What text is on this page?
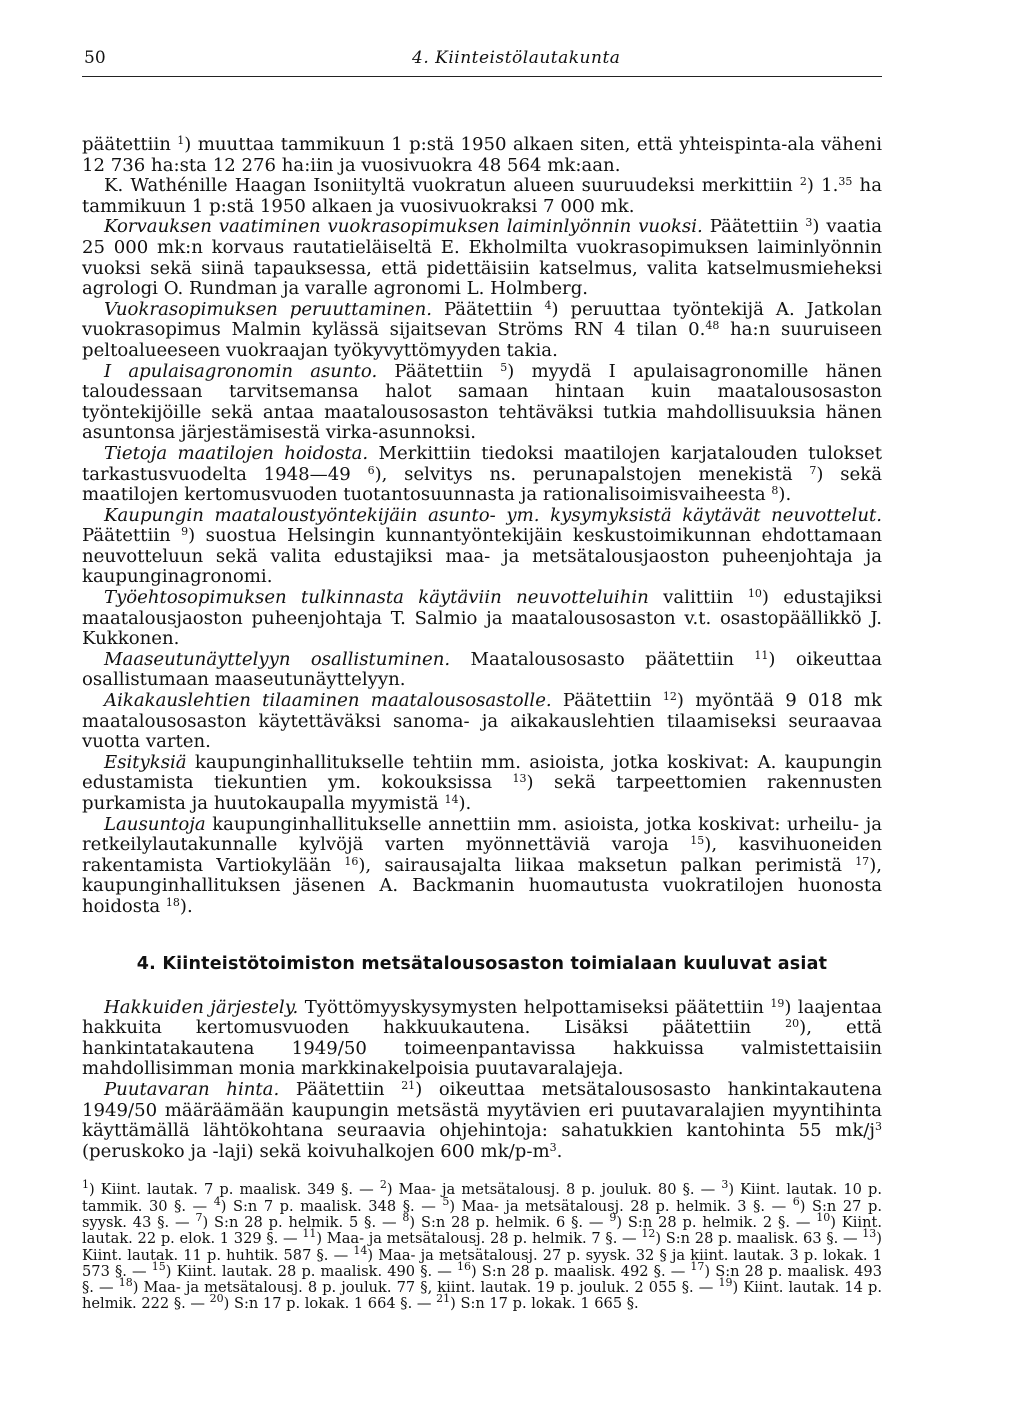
50	4. Kiinteistölautakunta

päätettiin $^1$) muuttaa tammikuun 1 p:stä 1950 alkaen siten, että yhteispinta-ala väheni 12 736 ha:sta 12 276 ha:iin ja vuosivuokra 48 564 mk:aan.

K. Wathénille Haagan Isoniityltä vuokratun alueen suuruudeksi merkittiin $^2$) 1.35 ha tammikuun 1 p:stä 1950 alkaen ja vuosivuokraksi 7 000 mk.

Korvauksen vaatiminen vuokrasopimuksen laiminlyönnin vuoksi. Päätettiin $^3$) vaatia 25 000 mk:n korvaus rautatieläiseltä E. Ekholmilta vuokrasopimuksen laiminlyönnin vuoksi sekä siinä tapauksessa, että pidettäisiin katselmus, valita katselmusmieheksi agrologi O. Rundman ja varalle agronomi L. Holmberg.

Vuokrasopimuksen peruuttaminen. Päätettiin $^4$) peruuttaa työntekijä A. Jatkolan vuokrasopimus Malmin kylässä sijaitsevan Ströms RN 4 tilan 0.48 ha:n suuruiseen peltoalueeseen vuokraajan työkyvyttömyyden takia.

I apulaisagronomin asunto. Päätettiin $^5$) myydä I apulaisagronomille hänen taloudessaan tarvitsemansa halot samaan hintaan kuin maatalousosaston työntekijöille sekä antaa maatalousosaston tehtäväksi tutkia mahdollisuuksia hänen asuntonsa järjestämisestä virka-asunnoksi.

Tietoja maatilojen hoidosta. Merkittiin tiedoksi maatilojen karjatalouden tulokset tarkastusvuodelta 1948—49 $^6$), selvitys ns. perunapalstojen menekistä $^7$) sekä maatilojen kertomusvuoden tuotantosuunnasta ja rationalisoimisvaiheesta $^8$).

Kaupungin maataloustyöntekijäin asunto- ym. kysymyksistä käytävät neuvottelut. Päätettiin $^9$) suostua Helsingin kunnantyöntekijäin keskustoimikunnan ehdottamaan neuvotteluun sekä valita edustajiksi maa- ja metsätalousjaoston puheenjohtaja ja kaupunginagronomi.

Työehtosopimuksen tulkinnasta käytäviin neuvotteluihin valittiin $^{10}$) edustajiksi maatalousjaoston puheenjohtaja T. Salmio ja maatalousosaston v.t. osastopäällikkö J. Kukkonen.

Maaseutunäyttelyyn osallistuminen. Maatalousosasto päätettiin $^{11}$) oikeuttaa osallistumaan maaseutunäyttelyyn.

Aikakauslehtien tilaaminen maatalousosastolle. Päätettiin $^{12}$) myöntää 9 018 mk maatalousosaston käytettäväksi sanoma- ja aikakauslehtien tilaamiseksi seuraavaa vuotta varten.

Esityksiä kaupunginhallitukselle tehtiin mm. asioista, jotka koskivat: A. kaupungin edustamista tiekuntien ym. kokouksissa $^{13}$) sekä tarpeettomien rakennusten purkamista ja huutokaupalla myymistä $^{14}$).

Lausuntoja kaupunginhallitukselle annettiin mm. asioista, jotka koskivat: urheilu- ja retkeilylautakunnalle kylvöjä varten myönnettäviä varoja $^{15}$), kasvihuoneiden rakentamista Vartiokylään $^{16}$), sairausajalta liikaa maksetun palkan perimistä $^{17}$), kaupunginhallituksen jäsenen A. Backmanin huomautusta vuokratilojen huonosta hoidosta $^{18}$).

4. Kiinteistötoimiston metsätalousosaston toimialaan kuuluvat asiat

Hakkuiden järjestely. Työttömyyskysymysten helpottamiseksi päätettiin $^{19}$) laajentaa hakkuita kertomusvuoden hakkuukautena. Lisäksi päätettiin $^{20}$), että hankintatakautena 1949/50 toimeenpantavissa hakkuissa valmistettaisiin mahdollisimman monia markkinakelpoisia puutavaralajeja.

Puutavaran hinta. Päätettiin $^{21}$) oikeuttaa metsätalousosasto hankintakautena 1949/50 määräämään kaupungin metsästä myytävien eri puutavaralajien myyntihinta käyttämällä lähtökohtana seuraavia ohjehintoja: sahatukkien kantohinta 55 $mk/j^3$ (peruskoko ja -laji) sekä koivuhalkojen 600 $mk/p-m^3$.

$^1$) Kiint. lautak. 7 p. maalisk. 349 §. — $^2$) Maa- ja metsätalousj. 8 p. jouluk. 80 §. — $^3$) Kiint. lautak. 10 p. tammik. 30 §. — $^4$) S:n 7 p. maalisk. 348 §. — $^5$) Maa- ja metsätalousj. 28 p. helmik. 3 §. — $^6$) S:n 27 p. syysk. 43 §. — $^7$) S:n 28 p. helmik. 5 §. — $^8$) S:n 28 p. helmik. 6 §. — $^9$) S:n 28 p. helmik. 2 §. — $^{10}$) Kiint. lautak. 22 p. elok. 1 329 §. — $^{11}$) Maa- ja metsätalousj. 28 p. helmik. 7 §. — $^{12}$) S:n 28 p. maalisk. 63 §. — $^{13}$) Kiint. lautak. 11 p. huhtik. 587 §. — $^{14}$) Maa- ja metsätalousj. 27 p. syysk. 32 § ja kiint. lautak. 3 p. lokak. 1 573 §. — $^{15}$) Kiint. lautak. 28 p. maalisk. 490 §. — $^{16}$) S:n 28 p. maalisk. 492 §. — $^{17}$) S:n 28 p. maalisk. 493 §. — $^{18}$) Maa- ja metsätalousj. 8 p. jouluk. 77 §, kiint. lautak. 19 p. jouluk. 2 055 §. — $^{19}$) Kiint. lautak. 14 p. helmik. 222 §. — $^{20}$) S:n 17 p. lokak. 1 664 §. — $^{21}$) S:n 17 p. lokak. 1 665 §.
